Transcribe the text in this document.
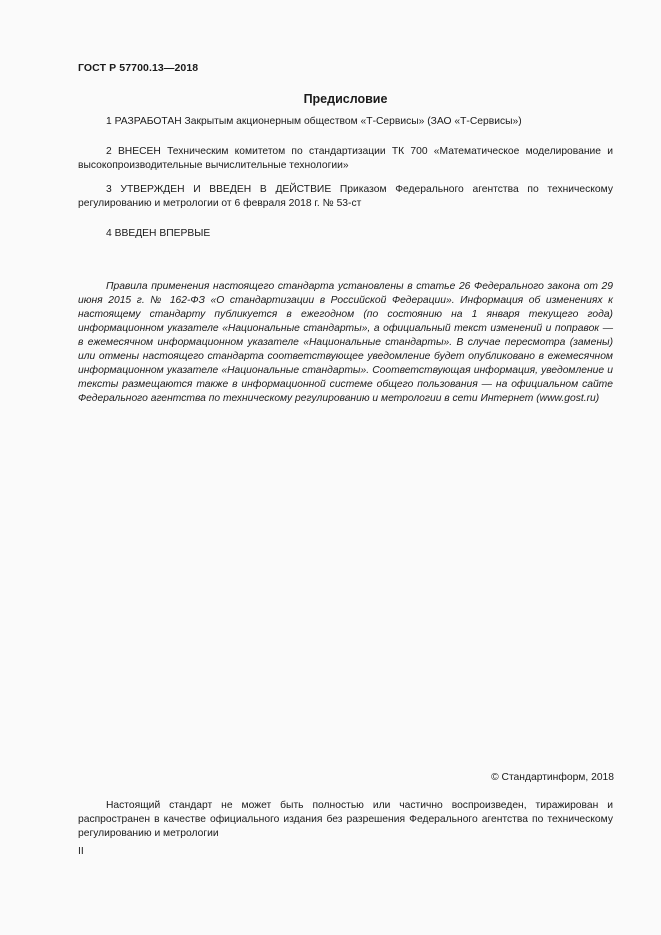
ГОСТ Р 57700.13—2018
Предисловие

1 РАЗРАБОТАН Закрытым акционерным обществом «Т-Сервисы» (ЗАО «Т-Сервисы»)

2 ВНЕСЕН Техническим комитетом по стандартизации ТК 700 «Математическое моделирование и высокопроизводительные вычислительные технологии»

3 УТВЕРЖДЕН И ВВЕДЕН В ДЕЙСТВИЕ Приказом Федерального агентства по техническому регулированию и метрологии от 6 февраля 2018 г. № 53-ст

4 ВВЕДЕН ВПЕРВЫЕ

Правила применения настоящего стандарта установлены в статье 26 Федерального закона от 29 июня 2015 г. № 162-ФЗ «О стандартизации в Российской Федерации». Информация об изменениях к настоящему стандарту публикуется в ежегодном (по состоянию на 1 января текущего года) информационном указателе «Национальные стандарты», а официальный текст изменений и поправок — в ежемесячном информационном указателе «Национальные стандарты». В случае пересмотра (замены) или отмены настоящего стандарта соответствующее уведомление будет опубликовано в ежемесячном информационном указателе «Национальные стандарты». Соответствующая информация, уведомление и тексты размещаются также в информационной системе общего пользования — на официальном сайте Федерального агентства по техническому регулированию и метрологии в сети Интернет (www.gost.ru)

© Стандартинформ, 2018

Настоящий стандарт не может быть полностью или частично воспроизведен, тиражирован и распространен в качестве официального издания без разрешения Федерального агентства по техническому регулированию и метрологии

II
